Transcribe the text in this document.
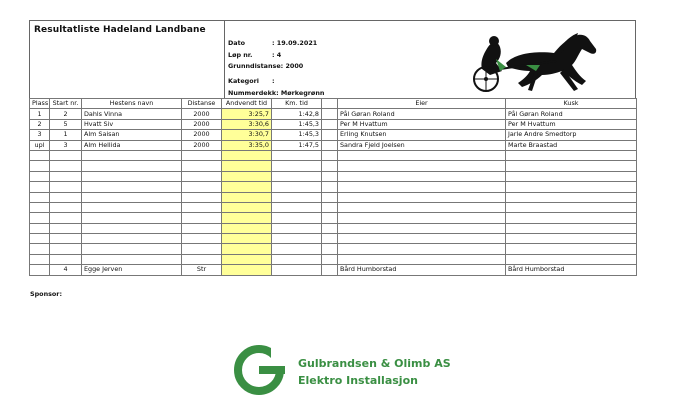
Resultatliste Hadeland Landbane
Dato	: 19.09.2021
Løp nr.	: 4
Grunndistanse: 2000
Kategori :
Nummerdekk: Mørkegrønn
Plass	Start nr.	Hestens navn	Distanse	Andvendt tid	Km. tid		Eier	Kusk
1	2	Dahls Vinna	2000	3:25,7	1:42,8		Pål Gøran Roland	Pål Gøran Roland
2	5	Hvatt Siv	2000	3:30,6	1:45,3		Per M Hvattum	Per M Hvattum
3	1	Alm Saisan	2000	3:30,7	1:45,3		Erling Knutsen	Jarle Andre Smedtorp
upl	3	Alm Hellida	2000	3:35,0	1:47,5		Sandra Fjeld Joelsen	Marte Braastad

	4	Egge Jerven	Str				Bård Humborstad	Bård Humborstad
Sponsor:
Gulbrandsen & Olimb AS
Elektro Installasjon
